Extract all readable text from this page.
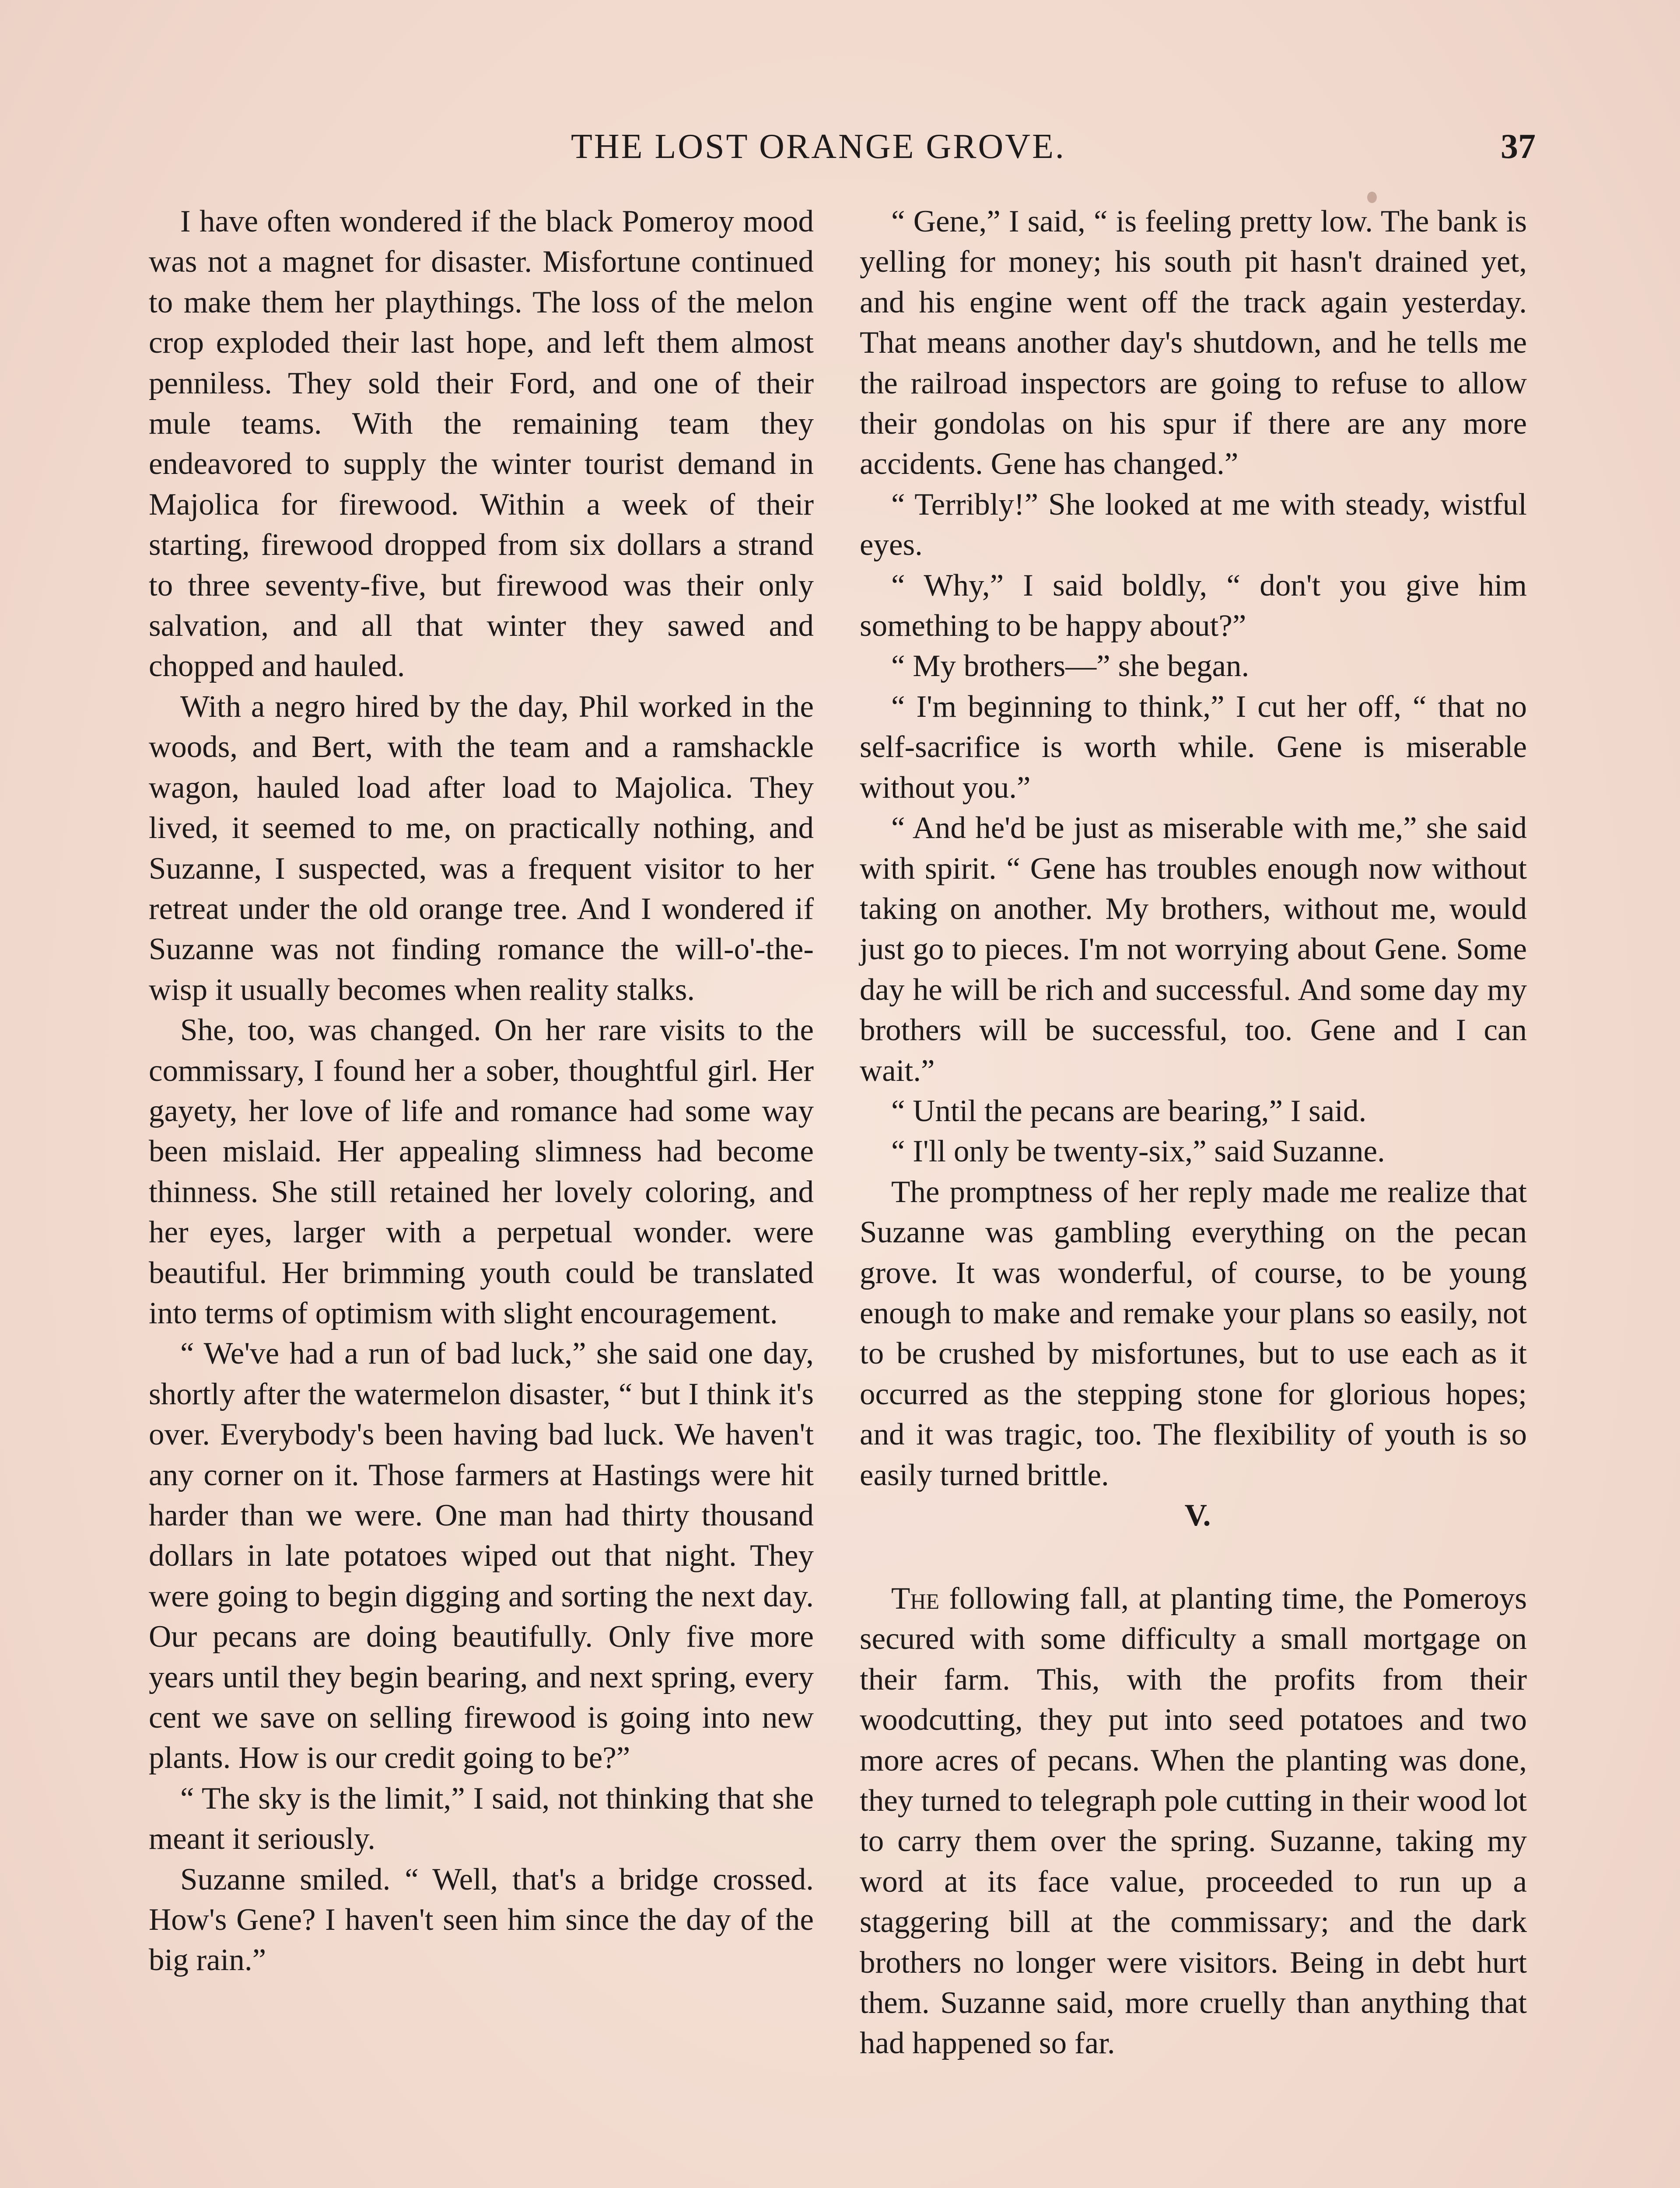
THE LOST ORANGE GROVE.	37

I have often wondered if the black Pomeroy mood was not a magnet for disaster. Misfortune continued to make them her playthings. The loss of the melon crop exploded their last hope, and left them almost penniless. They sold their Ford, and one of their mule teams. With the remaining team they endeavored to supply the winter tourist demand in Majolica for firewood. Within a week of their starting, firewood dropped from six dollars a strand to three seventy-five, but firewood was their only salvation, and all that winter they sawed and chopped and hauled.

With a negro hired by the day, Phil worked in the woods, and Bert, with the team and a ramshackle wagon, hauled load after load to Majolica. They lived, it seemed to me, on practically nothing, and Suzanne, I suspected, was a frequent visitor to her retreat under the old orange tree. And I wondered if Suzanne was not finding romance the will-o'-the-wisp it usually becomes when reality stalks.

She, too, was changed. On her rare visits to the commissary, I found her a sober, thoughtful girl. Her gayety, her love of life and romance had some way been mislaid. Her appealing slimness had become thinness. She still retained her lovely coloring, and her eyes, larger with a perpetual wonder. were beautiful. Her brimming youth could be translated into terms of optimism with slight encouragement.

“ We've had a run of bad luck,” she said one day, shortly after the watermelon disaster, “ but I think it's over. Everybody's been having bad luck. We haven't any corner on it. Those farmers at Hastings were hit harder than we were. One man had thirty thousand dollars in late potatoes wiped out that night. They were going to begin digging and sorting the next day. Our pecans are doing beautifully. Only five more years until they begin bearing, and next spring, every cent we save on selling firewood is going into new plants. How is our credit going to be?”

“ The sky is the limit,” I said, not thinking that she meant it seriously.

Suzanne smiled. “ Well, that's a bridge crossed. How's Gene? I haven't seen him since the day of the big rain.”

“ Gene,” I said, “ is feeling pretty low. The bank is yelling for money; his south pit hasn't drained yet, and his engine went off the track again yesterday. That means another day's shutdown, and he tells me the railroad inspectors are going to refuse to allow their gondolas on his spur if there are any more accidents. Gene has changed.”

“ Terribly!” She looked at me with steady, wistful eyes.

“ Why,” I said boldly, “ don't you give him something to be happy about?”

“ My brothers—” she began.

“ I'm beginning to think,” I cut her off, “ that no self-sacrifice is worth while. Gene is miserable without you.”

“ And he'd be just as miserable with me,” she said with spirit. “ Gene has troubles enough now without taking on another. My brothers, without me, would just go to pieces. I'm not worrying about Gene. Some day he will be rich and successful. And some day my brothers will be successful, too. Gene and I can wait.”

“ Until the pecans are bearing,” I said.

“ I'll only be twenty-six,” said Suzanne.

The promptness of her reply made me realize that Suzanne was gambling everything on the pecan grove. It was wonderful, of course, to be young enough to make and remake your plans so easily, not to be crushed by misfortunes, but to use each as it occurred as the stepping stone for glorious hopes; and it was tragic, too. The flexibility of youth is so easily turned brittle.

V.

The following fall, at planting time, the Pomeroys secured with some difficulty a small mortgage on their farm. This, with the profits from their woodcutting, they put into seed potatoes and two more acres of pecans. When the planting was done, they turned to telegraph pole cutting in their wood lot to carry them over the spring. Suzanne, taking my word at its face value, proceeded to run up a staggering bill at the commissary; and the dark brothers no longer were visitors. Being in debt hurt them. Suzanne said, more cruelly than anything that had happened so far.
